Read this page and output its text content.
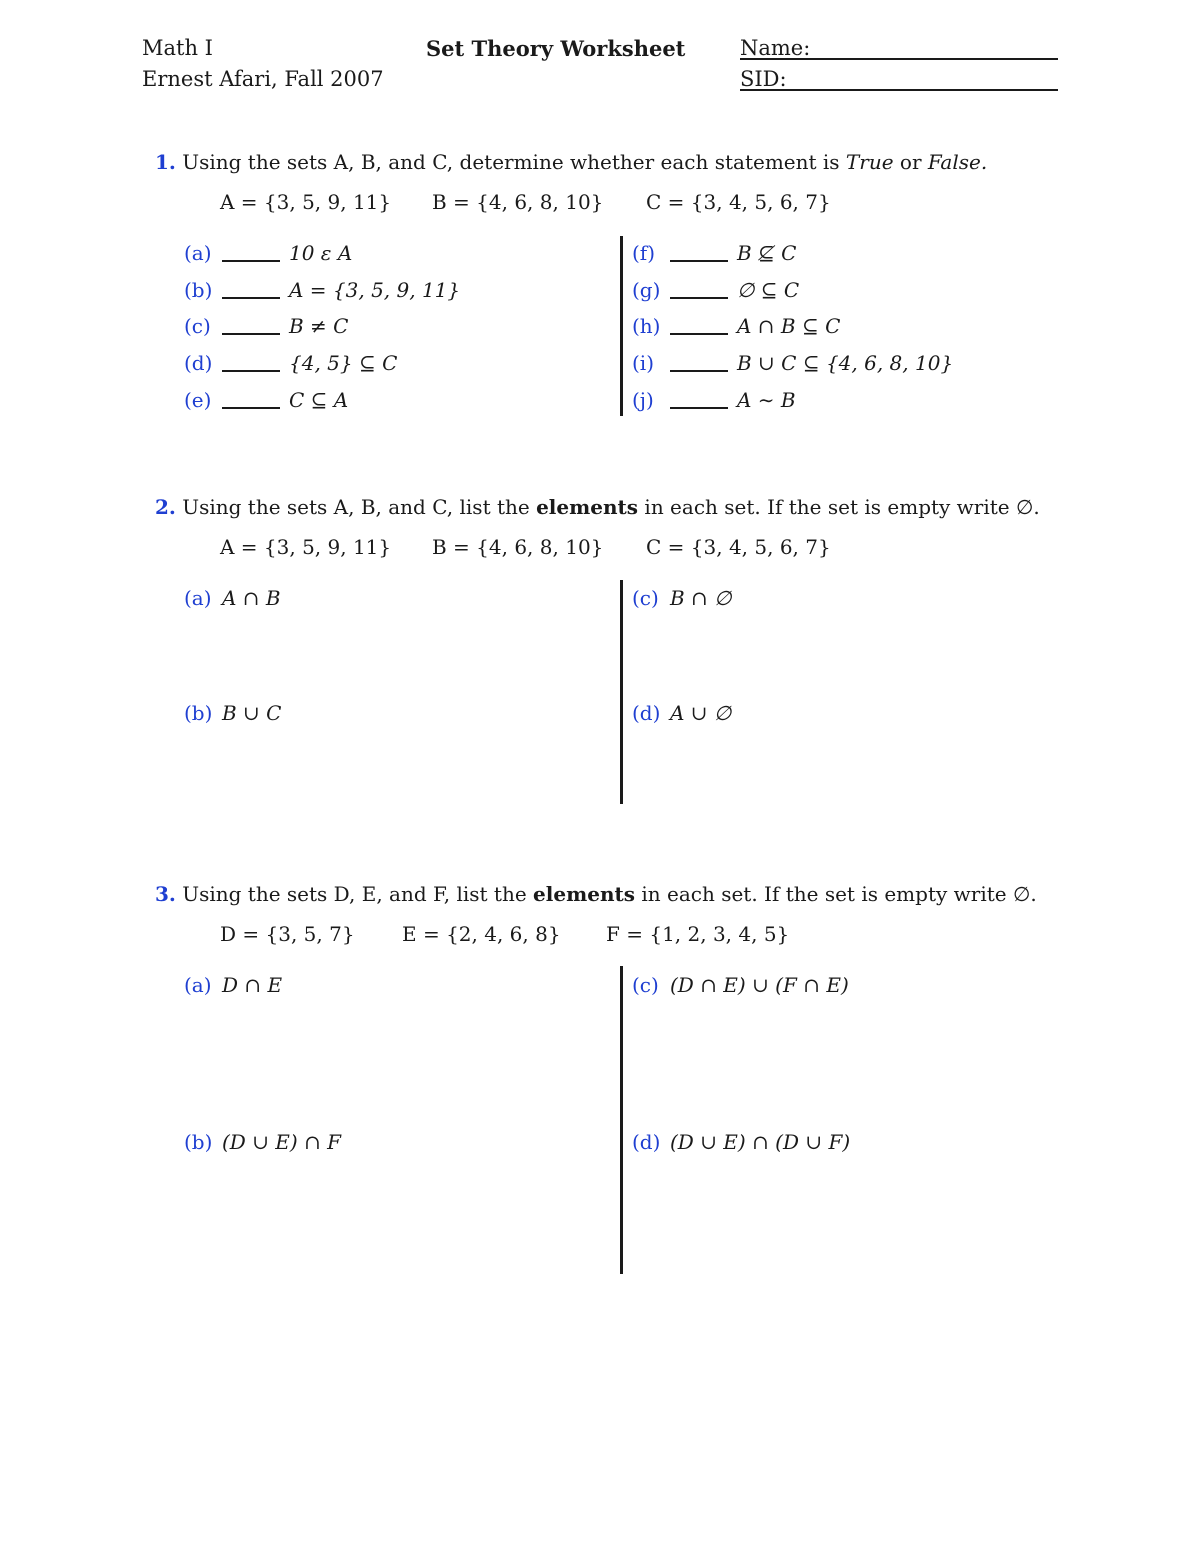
Math I
Ernest Afari, Fall 2007
Set Theory Worksheet	Name:
SID:
1. Using the sets A, B, and C, determine whether each statement is True or False.
A = {3, 5, 9, 11} B = {4, 6, 8, 10} C = {3, 4, 5, 6, 7}
(a)	10 ε A
(b)	A = {3, 5, 9, 11}
(c)	B ≠ C
(d)	{4, 5} ⊆ C
(e)	C ⊆ A
(f)	B ⊈ C
(g)	∅ ⊆ C
(h)	A ∩ B ⊆ C
(i)	B ∪ C ⊆ {4, 6, 8, 10}
(j)	A ∼ B
2. Using the sets A, B, and C, list the elements in each set. If the set is empty write ∅.
A = {3, 5, 9, 11} B = {4, 6, 8, 10} C = {3, 4, 5, 6, 7}
(a) A ∩ B
(b) B ∪ C
(c) B ∩ ∅
(d) A ∪ ∅
3. Using the sets D, E, and F, list the elements in each set. If the set is empty write ∅.
D = {3, 5, 7} E = {2, 4, 6, 8} F = {1, 2, 3, 4, 5}
(a) D ∩ E
(b) (D ∪ E) ∩ F
(c) (D ∩ E) ∪ (F ∩ E)
(d) (D ∪ E) ∩ (D ∪ F)
